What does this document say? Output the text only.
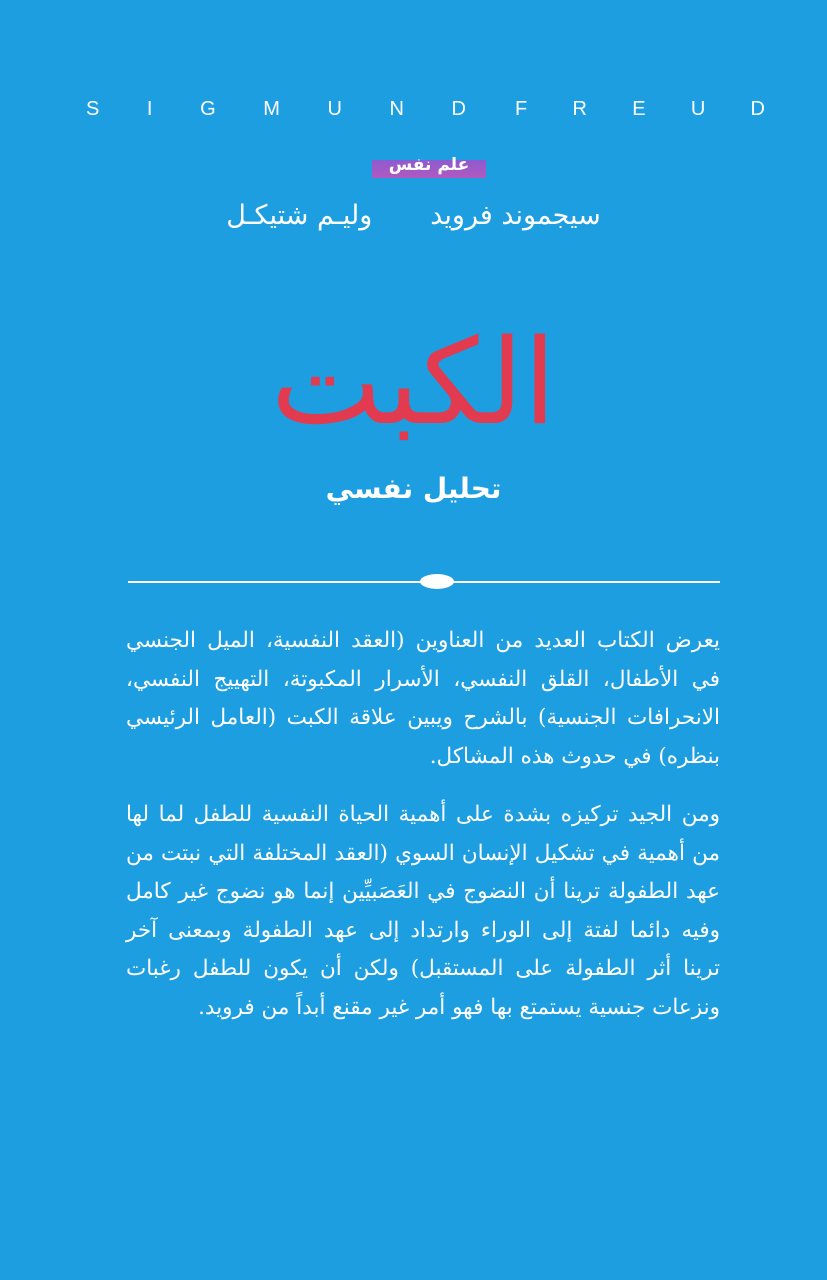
S I G M U N D F R E U D
علم نفس
سيجموند فرويد
وليـم شتيكـل
الكبت
تحليل نفسي

يعرض الكتاب العديد من العناوين (العقد النفسية، الميل الجنسي في الأطفال، القلق النفسي، الأسرار المكبوتة، التهييج النفسي، الانحرافات الجنسية) بالشرح ويبين علاقة الكبت (العامل الرئيسي بنظره) في حدوث هذه المشاكل.

ومن الجيد تركيزه بشدة على أهمية الحياة النفسية للطفل لما لها من أهمية في تشكيل الإنسان السوي (العقد المختلفة التي نبتت من عهد الطفولة ترينا أن النضوج في العَصَبيِّين إنما هو نضوج غير كامل وفيه دائما لفتة إلى الوراء وارتداد إلى عهد الطفولة وبمعنى آخر ترينا أثر الطفولة على المستقبل) ولكن أن يكون للطفل رغبات ونزعات جنسية يستمتع بها فهو أمر غير مقنع أبداً من فرويد.
